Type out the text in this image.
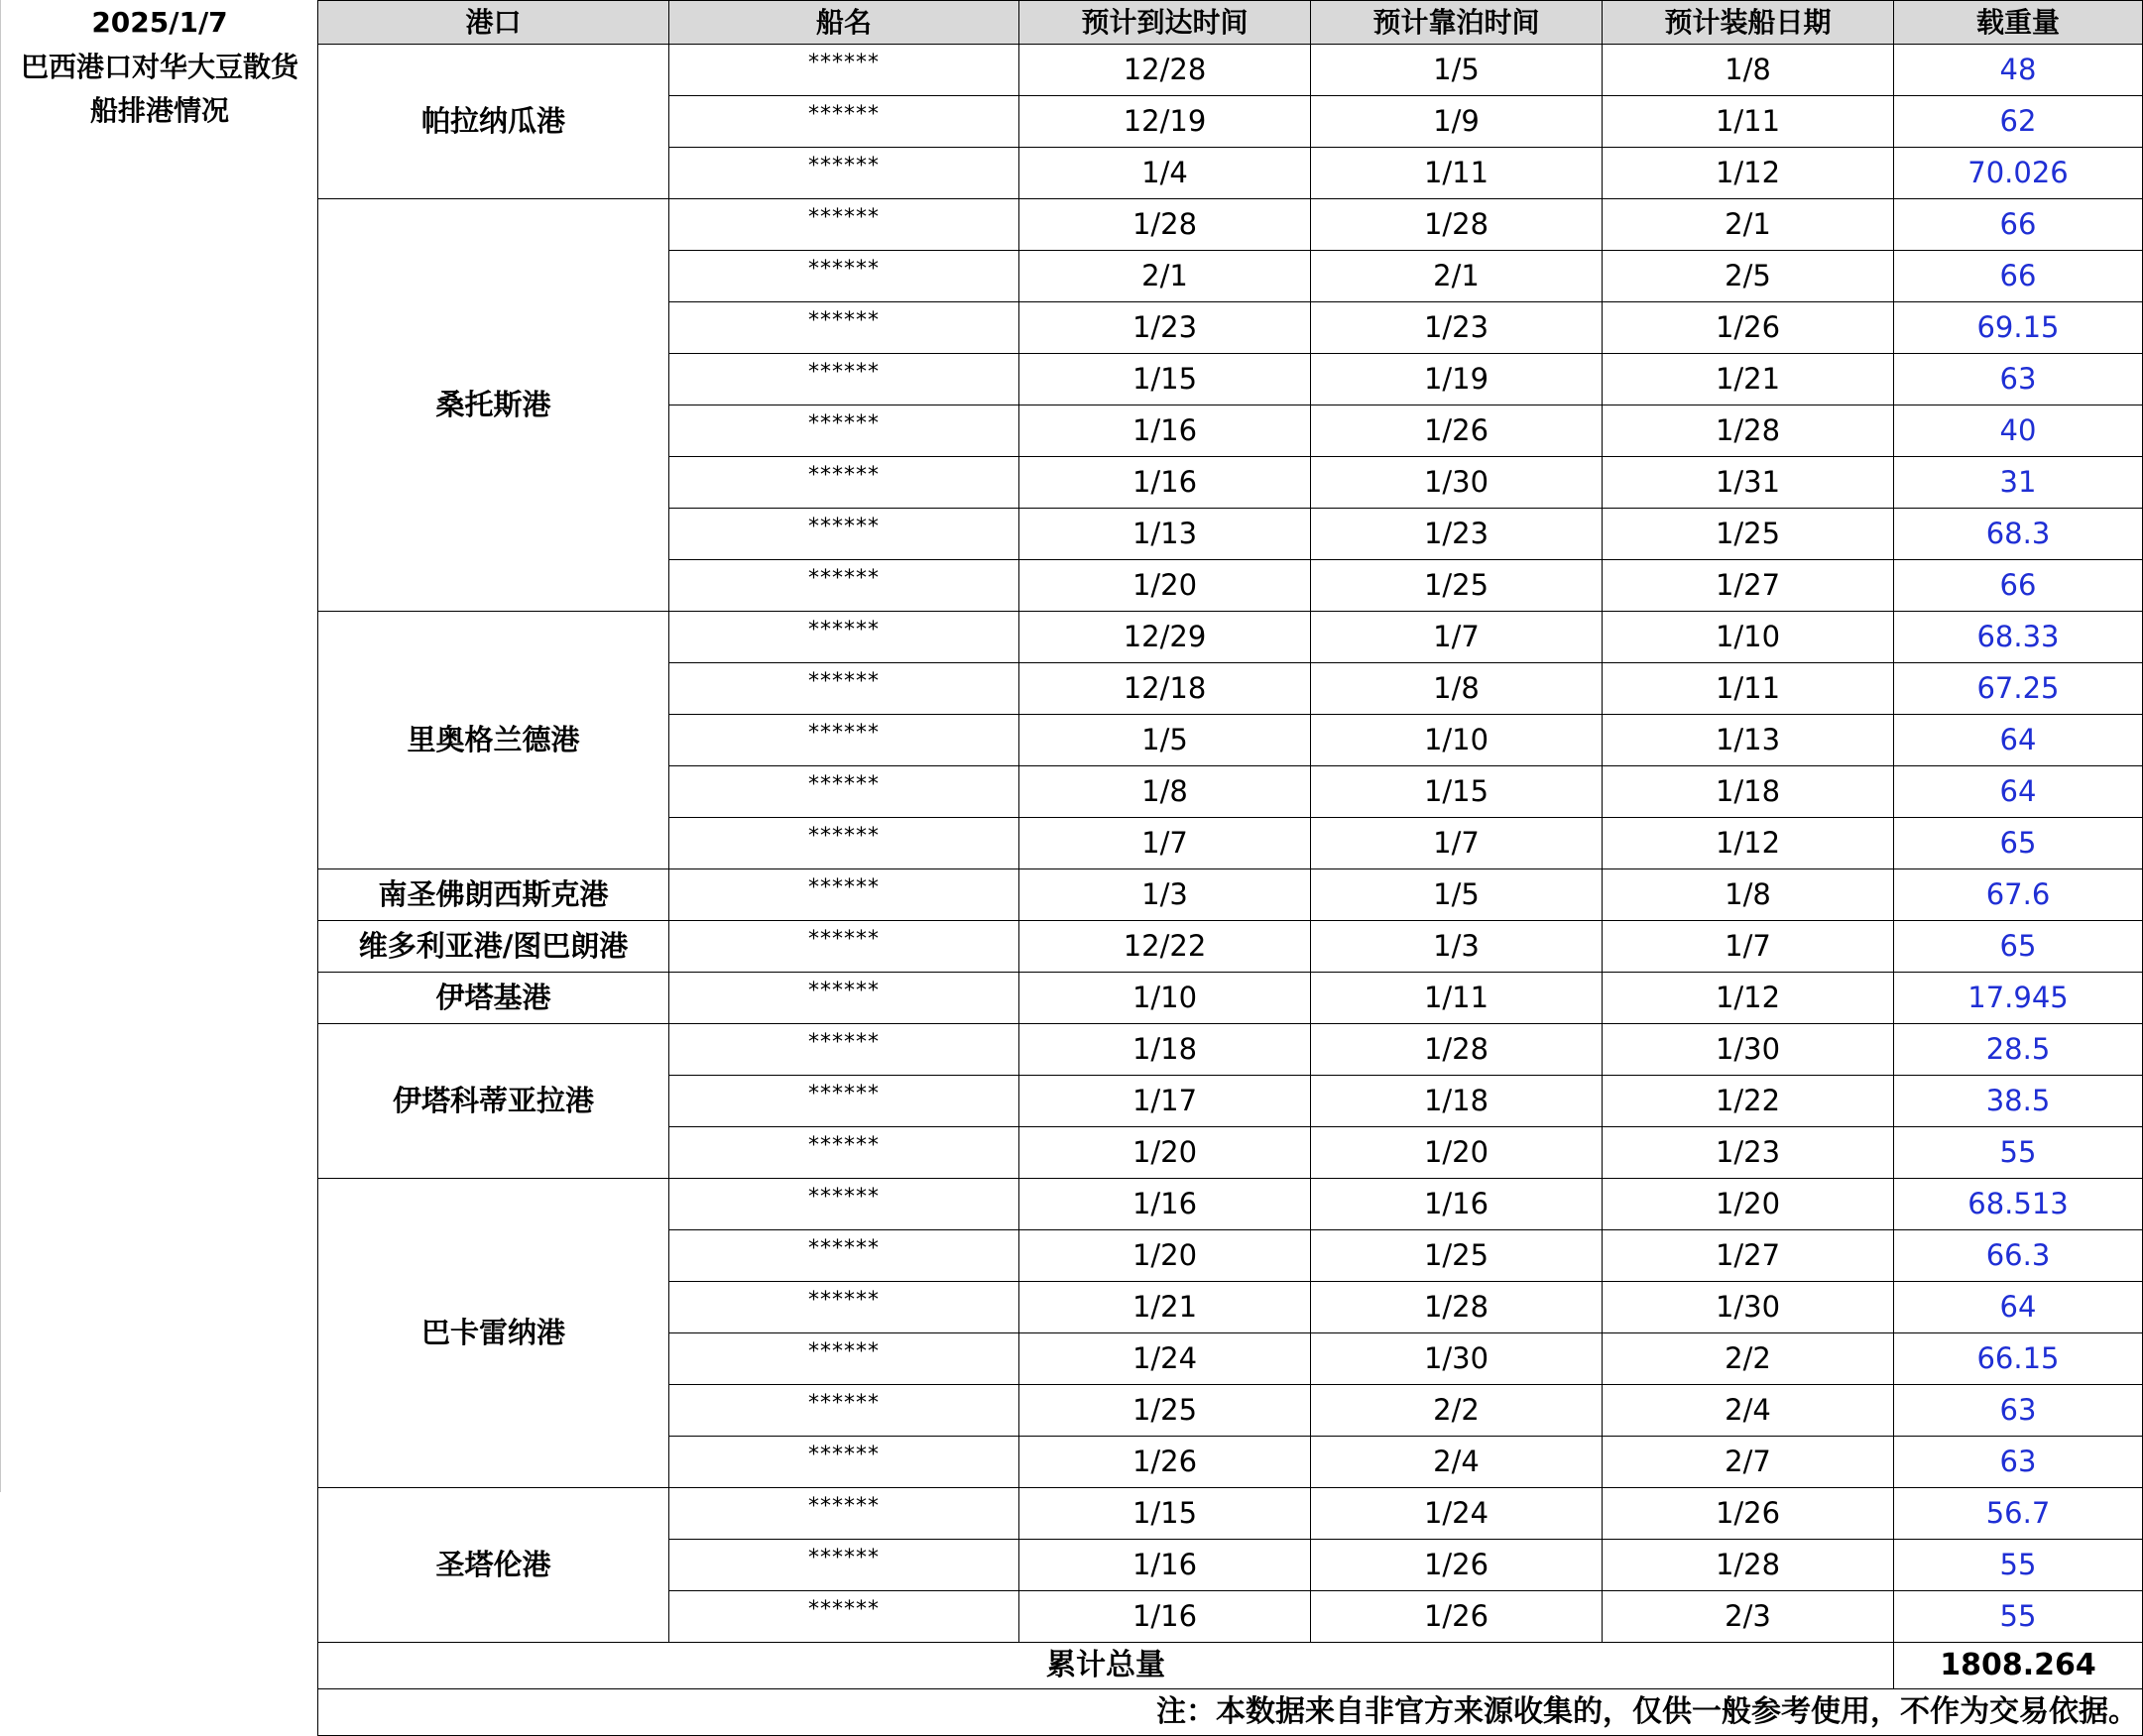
2025/1/7
巴西港口对华大豆散货船排港情况
港口	船名	预计到达时间	预计靠泊时间	预计装船日期	载重量
帕拉纳瓜港	******	12/28	1/5	1/8	48
	******	12/19	1/9	1/11	62
	******	1/4	1/11	1/12	70.026
桑托斯港	******	1/28	1/28	2/1	66
	******	2/1	2/1	2/5	66
	******	1/23	1/23	1/26	69.15
	******	1/15	1/19	1/21	63
	******	1/16	1/26	1/28	40
	******	1/16	1/30	1/31	31
	******	1/13	1/23	1/25	68.3
	******	1/20	1/25	1/27	66
里奥格兰德港	******	12/29	1/7	1/10	68.33
	******	12/18	1/8	1/11	67.25
	******	1/5	1/10	1/13	64
	******	1/8	1/15	1/18	64
	******	1/7	1/7	1/12	65
南圣佛朗西斯克港	******	1/3	1/5	1/8	67.6
维多利亚港/图巴朗港	******	12/22	1/3	1/7	65
伊塔基港	******	1/10	1/11	1/12	17.945
伊塔科蒂亚拉港	******	1/18	1/28	1/30	28.5
	******	1/17	1/18	1/22	38.5
	******	1/20	1/20	1/23	55
巴卡雷纳港	******	1/16	1/16	1/20	68.513
	******	1/20	1/25	1/27	66.3
	******	1/21	1/28	1/30	64
	******	1/24	1/30	2/2	66.15
	******	1/25	2/2	2/4	63
	******	1/26	2/4	2/7	63
圣塔伦港	******	1/15	1/24	1/26	56.7
	******	1/16	1/26	1/28	55
	******	1/16	1/26	2/3	55
累计总量					1808.264
注：本数据来自非官方来源收集的，仅供一般参考使用，不作为交易依据。					
